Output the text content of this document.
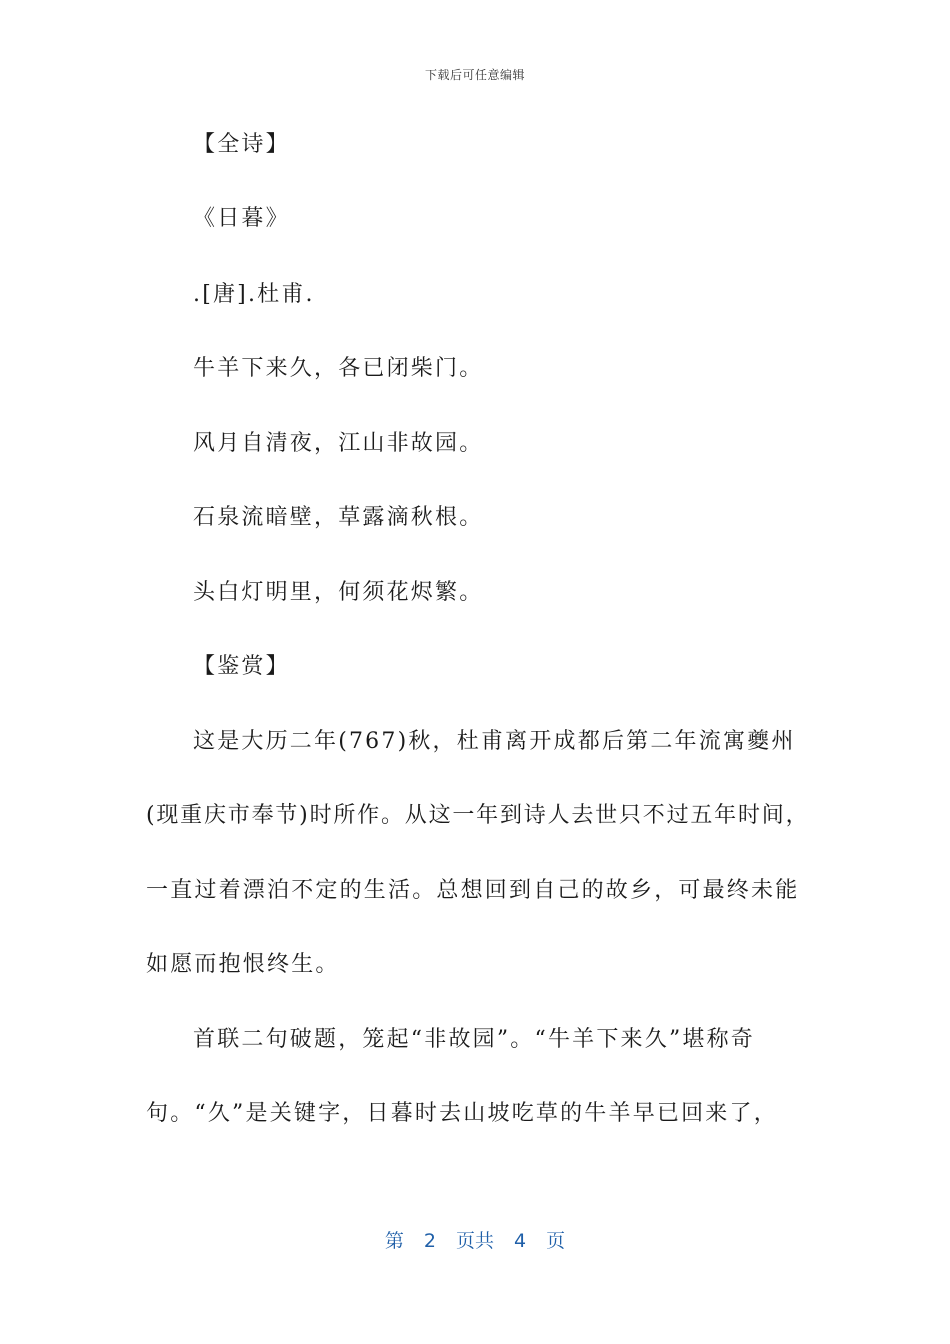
下载后可任意编辑
【全诗】
《日暮》
.[唐].杜甫.
牛羊下来久，各已闭柴门。
风月自清夜，江山非故园。
石泉流暗壁，草露滴秋根。
头白灯明里，何须花烬繁。
【鉴赏】
这是大历二年(767)秋，杜甫离开成都后第二年流寓夔州
(现重庆市奉节)时所作。从这一年到诗人去世只不过五年时间，
一直过着漂泊不定的生活。总想回到自己的故乡，可最终未能
如愿而抱恨终生。
首联二句破题，笼起“非故园”。“牛羊下来久”堪称奇
句。“久”是关键字，日暮时去山坡吃草的牛羊早已回来了，
第 2 页共 4 页
